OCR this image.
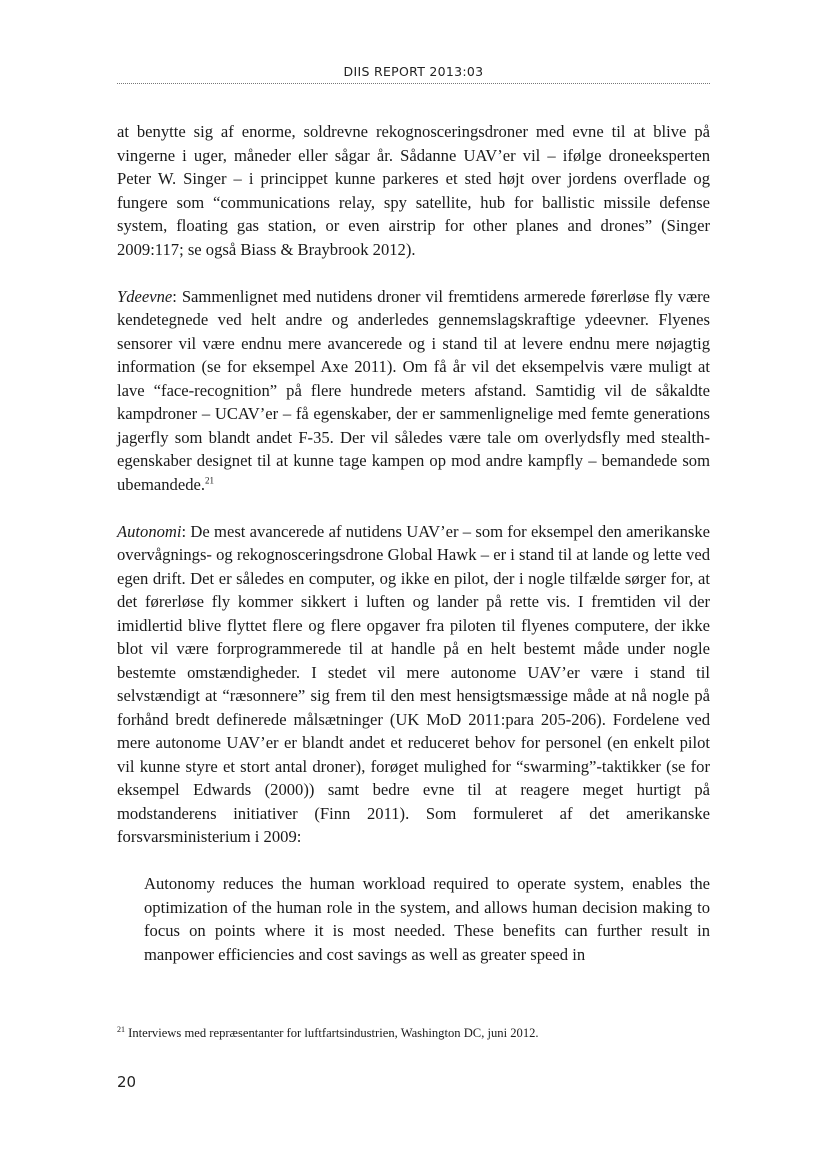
DIIS REPORT 2013:03

at benytte sig af enorme, soldrevne rekognosceringsdroner med evne til at blive på vingerne i uger, måneder eller sågar år. Sådanne UAV’er vil – ifølge droneeksperten Peter W. Singer – i princippet kunne parkeres et sted højt over jordens overflade og fungere som “communications relay, spy satellite, hub for ballistic missile defense system, floating gas station, or even airstrip for other planes and drones” (Singer 2009:117; se også Biass & Braybrook 2012).

Ydeevne: Sammenlignet med nutidens droner vil fremtidens armerede førerløse fly være kendetegnede ved helt andre og anderledes gennemslagskraftige ydeevner. Flyenes sensorer vil være endnu mere avancerede og i stand til at levere endnu mere nøjagtig information (se for eksempel Axe 2011). Om få år vil det eksempelvis være muligt at lave “face-recognition” på flere hundrede meters afstand. Samtidig vil de såkaldte kampdroner – UCAV’er – få egenskaber, der er sammenlignelige med femte generations jagerfly som blandt andet F-35. Der vil således være tale om overlydsfly med stealth-egenskaber designet til at kunne tage kampen op mod andre kampfly – bemandede som ubemandede.$^{21}$

Autonomi: De mest avancerede af nutidens UAV’er – som for eksempel den amerikanske overvågnings- og rekognosceringsdrone Global Hawk – er i stand til at lande og lette ved egen drift. Det er således en computer, og ikke en pilot, der i nogle tilfælde sørger for, at det førerløse fly kommer sikkert i luften og lander på rette vis. I fremtiden vil der imidlertid blive flyttet flere og flere opgaver fra piloten til flyenes computere, der ikke blot vil være forprogrammerede til at handle på en helt bestemt måde under nogle bestemte omstændigheder. I stedet vil mere autonome UAV’er være i stand til selvstændigt at “ræsonnere” sig frem til den mest hensigtsmæssige måde at nå nogle på forhånd bredt definerede målsætninger (UK MoD 2011:para 205-206). Fordelene ved mere autonome UAV’er er blandt andet et reduceret behov for personel (en enkelt pilot vil kunne styre et stort antal droner), forøget mulighed for “swarming”-taktikker (se for eksempel Edwards (2000)) samt bedre evne til at reagere meget hurtigt på modstanderens initiativer (Finn 2011). Som formuleret af det amerikanske forsvarsministerium i 2009:

Autonomy reduces the human workload required to operate system, enables the optimization of the human role in the system, and allows human decision making to focus on points where it is most needed. These benefits can further result in manpower efficiencies and cost savings as well as greater speed in

$^{21}$ Interviews med repræsentanter for luftfartsindustrien, Washington DC, juni 2012.
20
